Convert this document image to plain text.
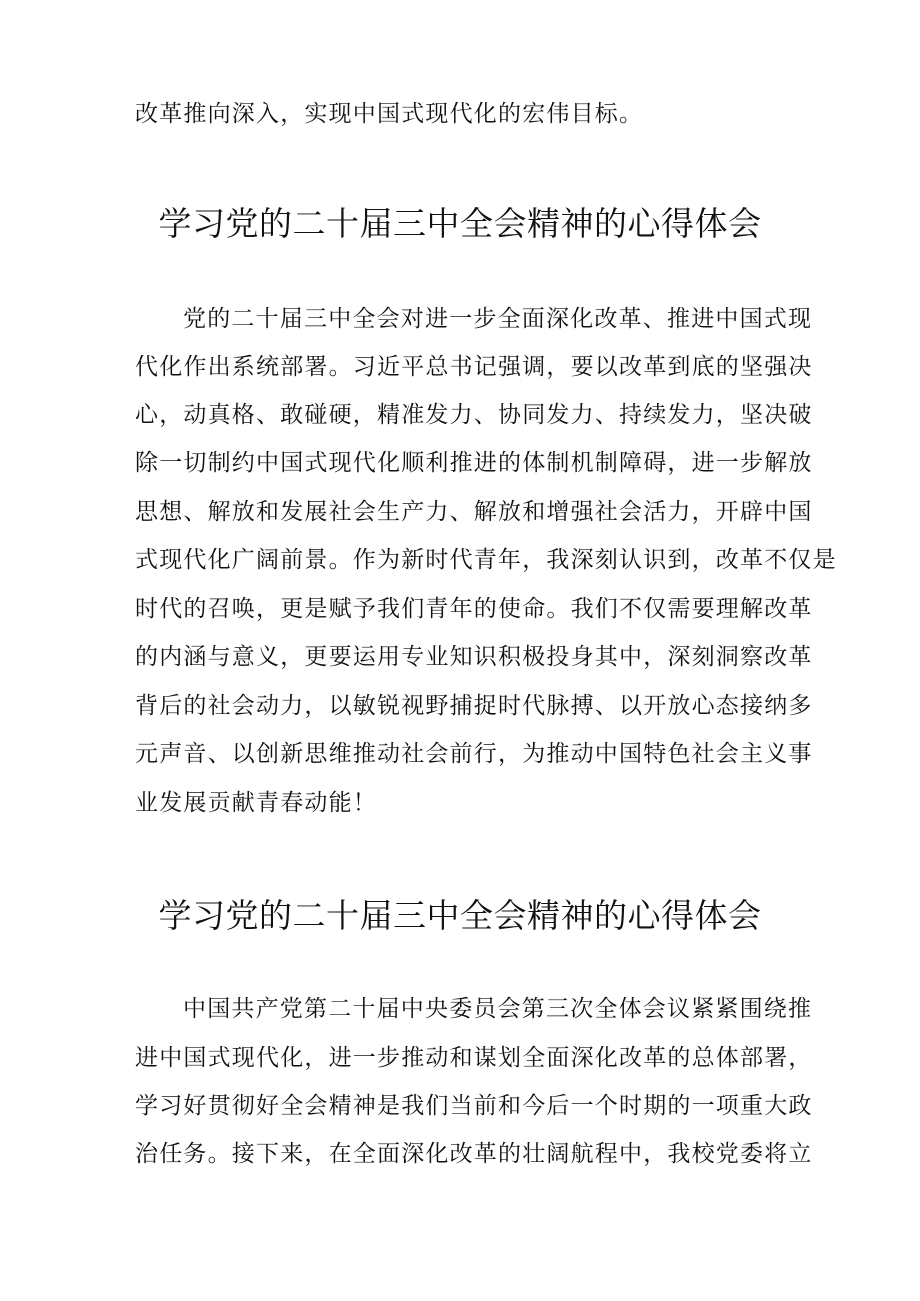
改革推向深入，实现中国式现代化的宏伟目标。
学习党的二十届三中全会精神的心得体会
党的二十届三中全会对进一步全面深化改革、推进中国式现
代化作出系统部署。习近平总书记强调，要以改革到底的坚强决
心，动真格、敢碰硬，精准发力、协同发力、持续发力，坚决破
除一切制约中国式现代化顺利推进的体制机制障碍，进一步解放
思想、解放和发展社会生产力、解放和增强社会活力，开辟中国
式现代化广阔前景。作为新时代青年，我深刻认识到，改革不仅是
时代的召唤，更是赋予我们青年的使命。我们不仅需要理解改革
的内涵与意义，更要运用专业知识积极投身其中，深刻洞察改革
背后的社会动力，以敏锐视野捕捉时代脉搏、以开放心态接纳多
元声音、以创新思维推动社会前行，为推动中国特色社会主义事
业发展贡献青春动能！
学习党的二十届三中全会精神的心得体会
中国共产党第二十届中央委员会第三次全体会议紧紧围绕推
进中国式现代化，进一步推动和谋划全面深化改革的总体部署，
学习好贯彻好全会精神是我们当前和今后一个时期的一项重大政
治任务。接下来，在全面深化改革的壮阔航程中，我校党委将立
